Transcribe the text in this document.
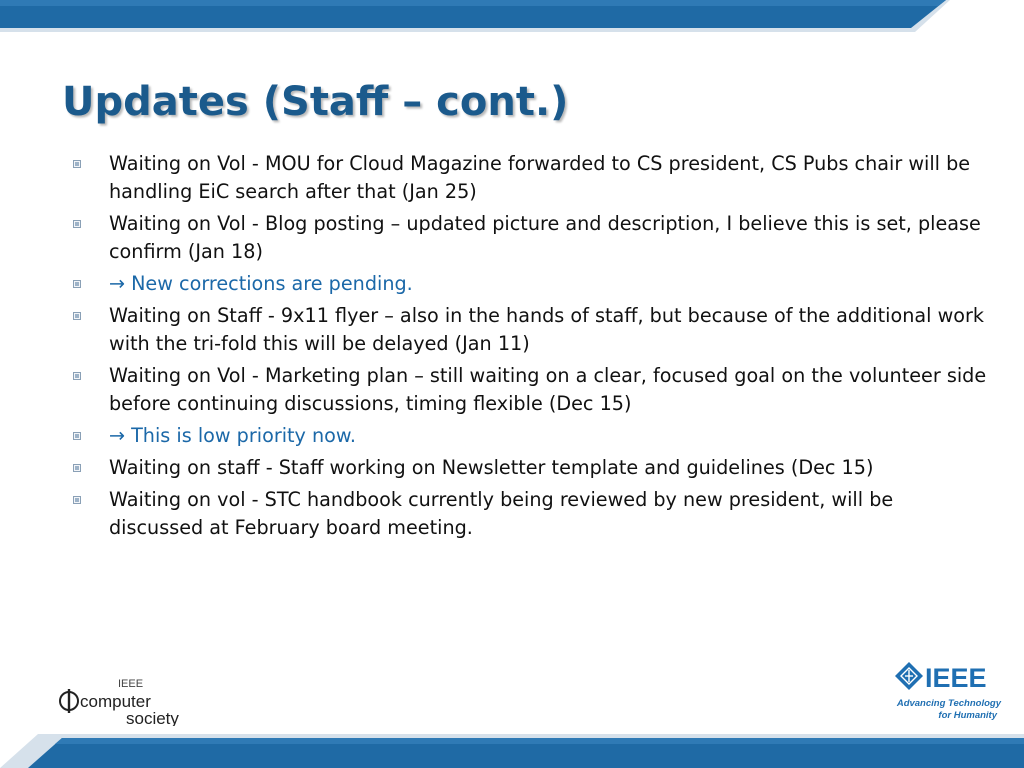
Updates (Staff – cont.)
Waiting on Vol - MOU for Cloud Magazine forwarded to CS president, CS Pubs chair will be handling EiC search after that (Jan 25)
Waiting on Vol - Blog posting – updated picture and description, I believe this is set, please confirm (Jan 18)
→ New corrections are pending.
Waiting on Staff - 9x11 flyer – also in the hands of staff, but because of the additional work with the tri-fold this will be delayed (Jan 11)
Waiting on Vol - Marketing plan – still waiting on a clear, focused goal on the volunteer side before continuing discussions, timing flexible (Dec 15)
→ This is low priority now.
Waiting on staff - Staff working on Newsletter template and guidelines (Dec 15)
Waiting on vol - STC handbook currently being reviewed by new president, will be discussed at February board meeting.
IEEE
computer
society
IEEE
Advancing Technology
for Humanity
